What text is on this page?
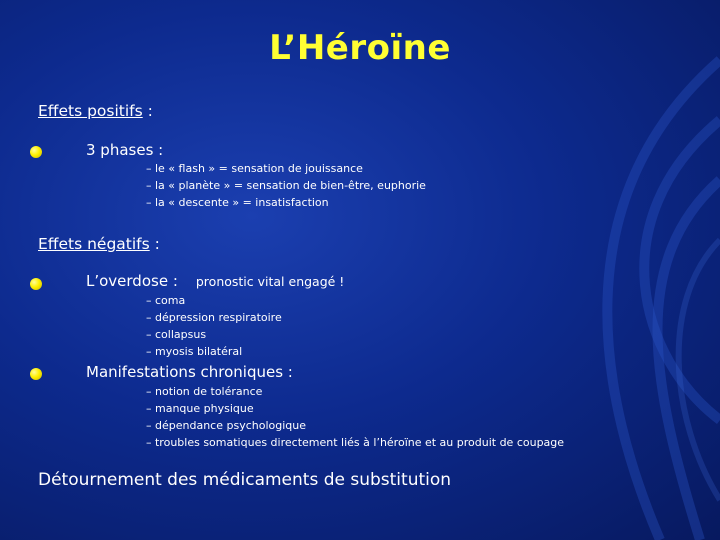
L’Héroïne
Effets positifs :
3 phases :
– le « flash » = sensation de jouissance
– la « planète » = sensation de bien-être, euphorie
– la « descente » = insatisfaction
Effets négatifs :
L’overdose : pronostic vital engagé !
– coma
– dépression respiratoire
– collapsus
– myosis bilatéral
Manifestations chroniques :
– notion de tolérance
– manque physique
– dépendance psychologique
– troubles somatiques directement liés à l’héroïne et au produit de coupage
Détournement des médicaments de substitution
